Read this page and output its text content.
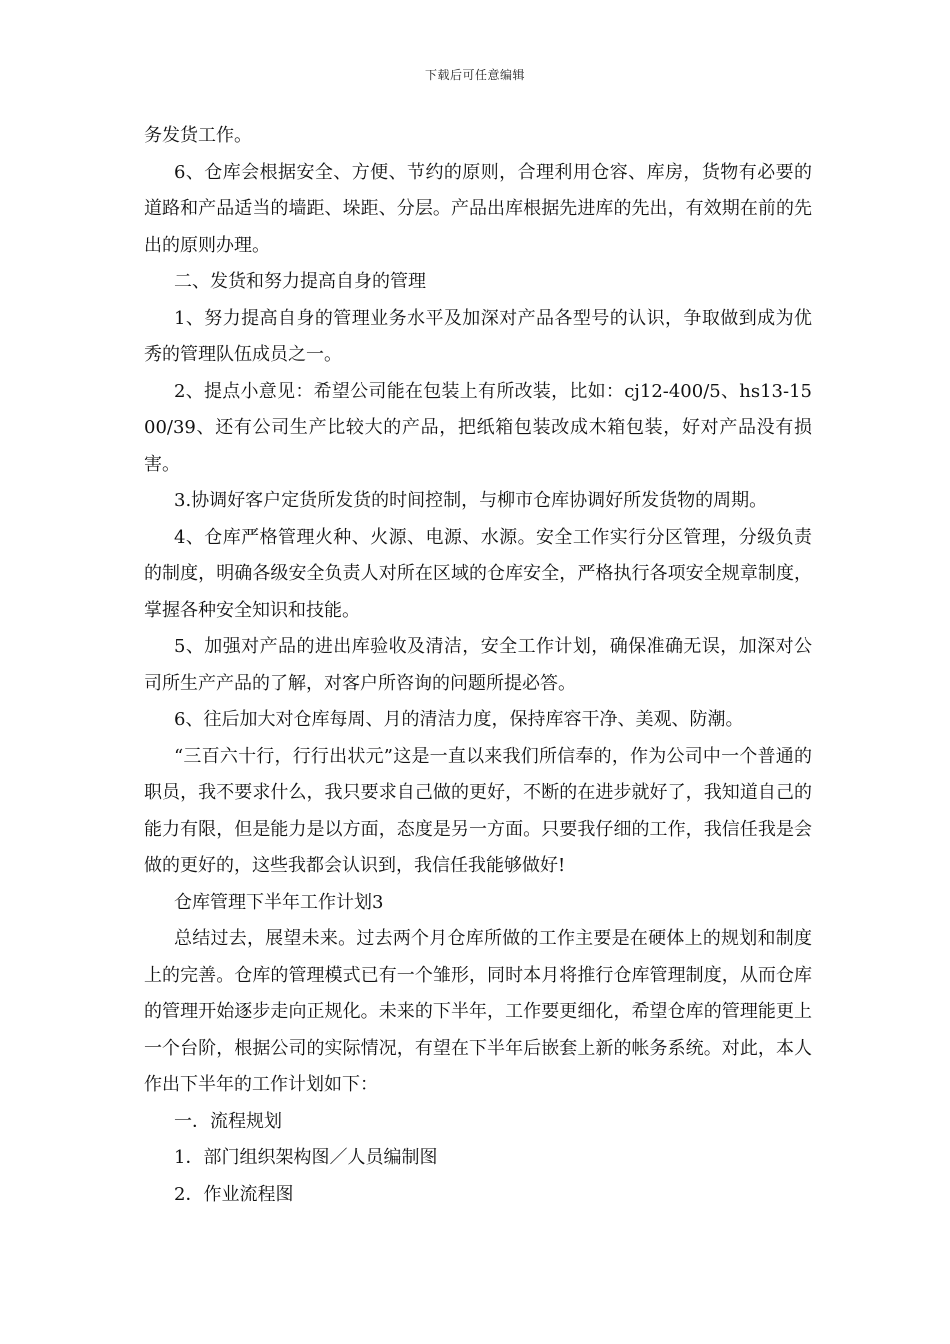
下载后可任意编辑

务发货工作。

6、仓库会根据安全、方便、节约的原则，合理利用仓容、库房，货物有必要的道路和产品适当的墙距、垛距、分层。产品出库根据先进库的先出，有效期在前的先出的原则办理。

二、发货和努力提高自身的管理

1、努力提高自身的管理业务水平及加深对产品各型号的认识，争取做到成为优秀的管理队伍成员之一。

2、提点小意见：希望公司能在包装上有所改装，比如：cj12-400/5、hs13-1500/39、还有公司生产比较大的产品，把纸箱包装改成木箱包装，好对产品没有损害。

3.协调好客户定货所发货的时间控制，与柳市仓库协调好所发货物的周期。

4、仓库严格管理火种、火源、电源、水源。安全工作实行分区管理，分级负责的制度，明确各级安全负责人对所在区域的仓库安全，严格执行各项安全规章制度，掌握各种安全知识和技能。

5、加强对产品的进出库验收及清洁，安全工作计划，确保准确无误，加深对公司所生产产品的了解，对客户所咨询的问题所提必答。

6、往后加大对仓库每周、月的清洁力度，保持库容干净、美观、防潮。

“三百六十行，行行出状元”这是一直以来我们所信奉的，作为公司中一个普通的职员，我不要求什么，我只要求自己做的更好，不断的在进步就好了，我知道自己的能力有限，但是能力是以方面，态度是另一方面。只要我仔细的工作，我信任我是会做的更好的，这些我都会认识到，我信任我能够做好!

仓库管理下半年工作计划3

总结过去，展望未来。过去两个月仓库所做的工作主要是在硬体上的规划和制度上的完善。仓库的管理模式已有一个雏形，同时本月将推行仓库管理制度，从而仓库的管理开始逐步走向正规化。未来的下半年，工作要更细化，希望仓库的管理能更上一个台阶，根据公司的实际情况，有望在下半年后嵌套上新的帐务系统。对此，本人作出下半年的工作计划如下：

一．流程规划

1．部门组织架构图／人员编制图

2．作业流程图
